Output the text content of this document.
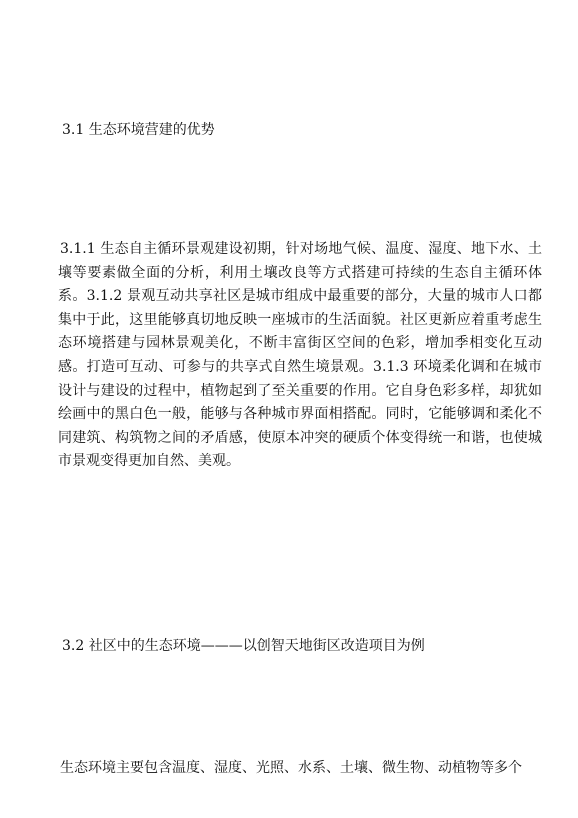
3.1 生态环境营建的优势
3.1.1 生态自主循环景观建设初期，针对场地气候、温度、湿度、地下水、土壤等要素做全面的分析，利用土壤改良等方式搭建可持续的生态自主循环体系。3.1.2 景观互动共享社区是城市组成中最重要的部分，大量的城市人口都集中于此，这里能够真切地反映一座城市的生活面貌。社区更新应着重考虑生态环境搭建与园林景观美化，不断丰富街区空间的色彩，增加季相变化互动感。打造可互动、可参与的共享式自然生境景观。3.1.3 环境柔化调和在城市设计与建设的过程中，植物起到了至关重要的作用。它自身色彩多样，却犹如绘画中的黑白色一般，能够与各种城市界面相搭配。同时，它能够调和柔化不同建筑、构筑物之间的矛盾感，使原本冲突的硬质个体变得统一和谐，也使城市景观变得更加自然、美观。
3.2 社区中的生态环境———以创智天地街区改造项目为例
生态环境主要包含温度、湿度、光照、水系、土壤、微生物、动植物等多个
